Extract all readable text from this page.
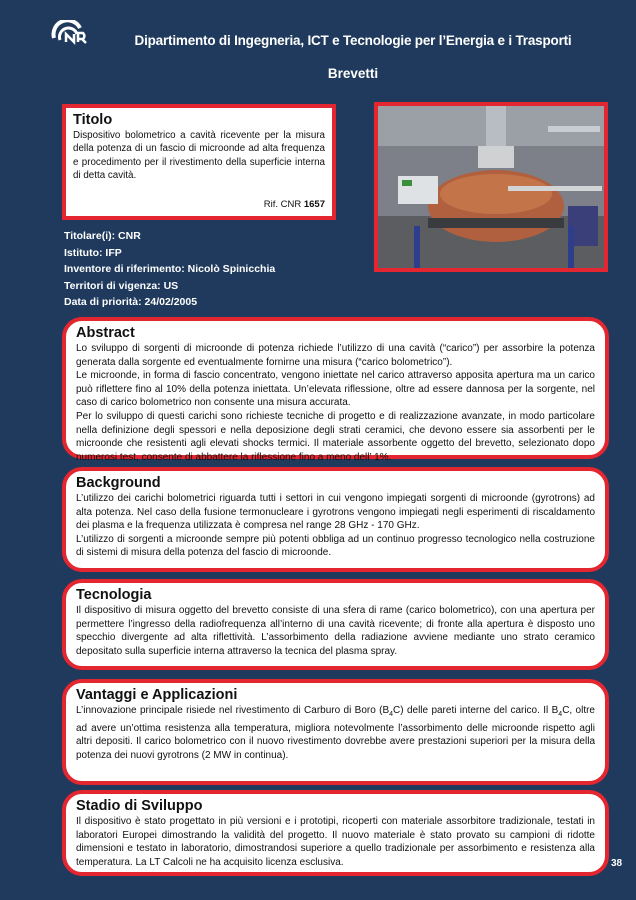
Dipartimento di Ingegneria, ICT e Tecnologie per l’Energia e i Trasporti
Brevetti
Titolo

Dispositivo bolometrico a cavità ricevente per la misura della potenza di un fascio di microonde ad alta frequenza e procedimento per il rivestimento della superficie interna di detta cavità.

Rif. CNR 1657
Titolare(i): CNR
Istituto: IFP
Inventore di riferimento: Nicolò Spinicchia
Territori di vigenza: US
Data di priorità: 24/02/2005
Abstract

Lo sviluppo di sorgenti di microonde di potenza richiede l’utilizzo di una cavità (“carico”) per assorbire la potenza generata dalla sorgente ed eventualmente fornirne una misura (“carico bolometrico”).

Le microonde, in forma di fascio concentrato, vengono iniettate nel carico attraverso apposita apertura ma un carico può riflettere fino al 10% della potenza iniettata. Un’elevata riflessione, oltre ad essere dannosa per la sorgente, nel caso di carico bolometrico non consente una misura accurata.

Per lo sviluppo di questi carichi sono richieste tecniche di progetto e di realizzazione avanzate, in modo particolare nella definizione degli spessori e nella deposizione degli strati ceramici, che devono essere sia assorbenti per le microonde che resistenti agli elevati shocks termici. Il materiale assorbente oggetto del brevetto, selezionato dopo numerosi test, consente di abbattere la riflessione fino a meno dell’ 1%.

Background

L’utilizzo dei carichi bolometrici riguarda tutti i settori in cui vengono impiegati sorgenti di microonde (gyrotrons) ad alta potenza. Nel caso della fusione termonucleare i gyrotrons vengono impiegati negli esperimenti di riscaldamento dei plasma e la frequenza utilizzata è compresa nel range 28 GHz - 170 GHz.

L’utilizzo di sorgenti a microonde sempre più potenti obbliga ad un continuo progresso tecnologico nella costruzione di sistemi di misura della potenza del fascio di microonde.

Tecnologia

Il dispositivo di misura oggetto del brevetto consiste di una sfera di rame (carico bolometrico), con una apertura per permettere l’ingresso della radiofrequenza all’interno di una cavità ricevente; di fronte alla apertura è disposto uno specchio divergente ad alta riflettività. L’assorbimento della radiazione avviene mediante uno strato ceramico depositato sulla superficie interna attraverso la tecnica del plasma spray.

Vantaggi e Applicazioni

L’innovazione principale risiede nel rivestimento di Carburo di Boro $(B_4C)$ delle pareti interne del carico. Il $B_4C$, oltre ad avere un’ottima resistenza alla temperatura, migliora notevolmente l’assorbimento delle microonde rispetto agli altri depositi. Il carico bolometrico con il nuovo rivestimento dovrebbe avere prestazioni superiori per la misura della potenza dei nuovi gyrotrons (2 MW in continua).

Stadio di Sviluppo

Il dispositivo è stato progettato in più versioni e i prototipi, ricoperti con materiale assorbitore tradizionale, testati in laboratori Europei dimostrando la validità del progetto. Il nuovo materiale è stato provato su campioni di ridotte dimensioni e testato in laboratorio, dimostrandosi superiore a quello tradizionale per assorbimento e resistenza alla temperatura. La LT Calcoli ne ha acquisito licenza esclusiva.	38
